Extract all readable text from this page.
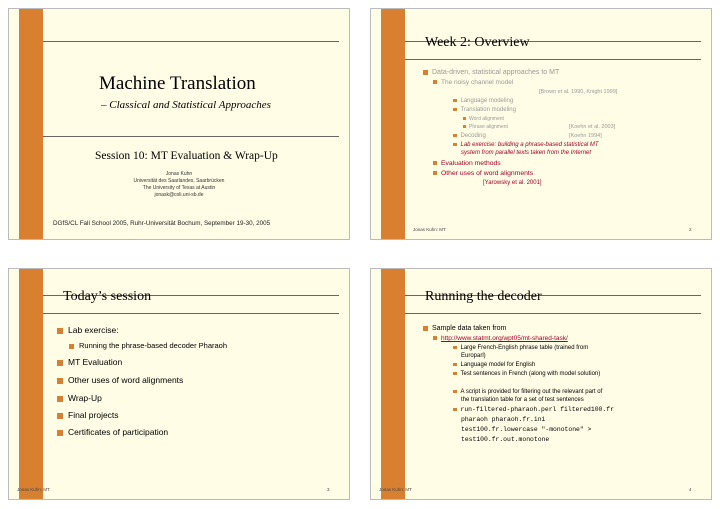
Machine Translation
– Classical and Statistical Approaches
Session 10: MT Evaluation & Wrap-Up
Jonas Kuhn
Universität des Saarlandes, Saarbrücken
The University of Texas at Austin
jonask@coli.uni-sb.de
DGfS/CL Fall School 2005, Ruhr-Universität Bochum, September 19-30, 2005
Week 2: Overview
Data-driven, statistical approaches to MT
The noisy channel model
[Brown et al. 1990, Knight 1999]
Language modeling
Translation modeling
Word alignment
Phrase alignment	[Koehn et al. 2003]
Decoding	[Koehn 1994]
Lab exercise: building a phrase-based statistical MT
system from parallel texts taken from the Internet
Evaluation methods
Other uses of word alignments
[Yarowsky et al. 2001]
Jonas Kuhn: MT	2
Today’s session
Lab exercise:
Running the phrase-based decoder Pharaoh
MT Evaluation
Other uses of word alignments
Wrap-Up
Final projects
Certificates of participation
Jonas Kuhn: MT	3
Running the decoder
Sample data taken from
http://www.statmt.org/wpt05/mt-shared-task/
Large French-English phrase table (trained from
Europarl)
Language model for English
Test sentences in French (along with model solution)
A script is provided for filtering out the relevant part of
the translation table for a set of test sentences
run-filtered-pharaoh.perl filtered100.fr
pharaoh pharaoh.fr.ini
test100.fr.lowercase "-monotone" >
test100.fr.out.monotone
Jonas Kuhn: MT	4
